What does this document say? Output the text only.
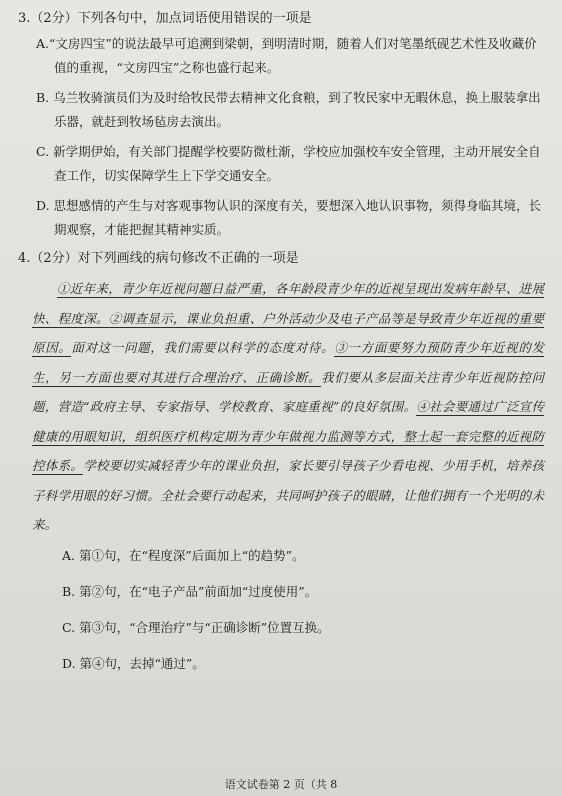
3.（2分）下列各句中，加点词语使用错误的一项是
A.“文房四宝”的说法最早可追溯到梁朝，到明清时期，随着人们对笔墨纸砚艺术性及收藏价值的重视，“文房四宝”之称也盛行起来。
B. 乌兰牧骑演员们为及时给牧民带去精神文化食粮，到了牧民家中无暇休息，换上服装拿出乐器，就赶到牧场毡房去演出。
C. 新学期伊始，有关部门提醒学校要防微杜渐，学校应加强校车安全管理，主动开展安全自查工作，切实保障学生上下学交通安全。
D. 思想感情的产生与对客观事物认识的深度有关，要想深入地认识事物，须得身临其境，长期观察，才能把握其精神实质。
4.（2分）对下列画线的病句修改不正确的一项是
①近年来，青少年近视问题日益严重，各年龄段青少年的近视呈现出发病年龄早、进展快、程度深。②调查显示，课业负担重、户外活动少及电子产品等是导致青少年近视的重要原因。面对这一问题，我们需要以科学的态度对待。③一方面要努力预防青少年近视的发生，另一方面也要对其进行合理治疗、正确诊断。我们要从多层面关注青少年近视防控问题，营造“政府主导、专家指导、学校教育、家庭重视”的良好氛围。④社会要通过广泛宣传健康的用眼知识，组织医疗机构定期为青少年做视力监测等方式，整土起一套完整的近视防控体系。学校要切实减轻青少年的课业负担，家长要引导孩子少看电视、少用手机，培养孩子科学用眼的好习惯。全社会要行动起来，共同呵护孩子的眼睛，让他们拥有一个光明的未来。
A. 第①句，在“程度深”后面加上“的趋势”。
B. 第②句，在“电子产品”前面加“过度使用”。
C. 第③句，“合理治疗”与“正确诊断”位置互换。
D. 第④句，去掉“通过”。
语文试卷第 2 页（共 8
